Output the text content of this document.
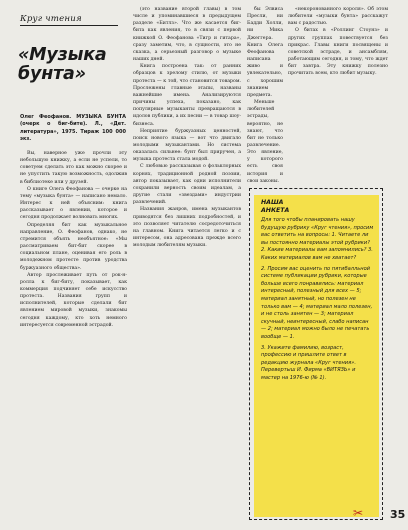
Круг чтения
«Музыка бунта»
Олег Феофанов. МУЗЫКА БУНТА (очерк о биг-бите). Л., «Дет. литература», 1975. Тираж 100 000 экз.

Вы, наверное уже прочли эту небольшую книжку, а если не успели, то советуем сделать это как можно скорее и не упустить такую возможность, одолжив в библиотеке или у друзей.

О книге Олега Феофанова — очерке на тему «музыка бунта» — написано немало. Интерес к ней объясним: книга рассказывает о явлении, которое и сегодня продолжает волновать многих.

Определяя бит как музыкальное направление, О. Феофанов, однако, не стремится объять необъятное: «Мы рассматриваем бит-бит скорее в социальном плане, оценивая его роль в молодежном протесте против уродства буржуазного общества».

Автор прослеживает путь от рок-н-ролла к биг-биту, показывает, как коммерция подчиняет себе искусство протеста. Названия групп и исполнителей, которые сделали бит явлением мировой музыки, знакомы сегодня каждому, кто хоть немного интересуется современной эстрадой.

(это название второй главы) в том числе и упоминавшиеся в предыдущем разделе «Битлз». Что же касается биг-бита как явления, то в связи с первой книжкой О. Феофанова «Тигр и гитара», сразу заметим, что, в сущности, это не сказка, а серьезный разговор о музыке наших дней.

Книга построена так: от ранних образцов к зрелому стилю, от музыки протеста — к той, что становится товаром. Прослежены главные этапы, названы важнейшие имена. Анализируются причины успеха, показано, как популярные музыканты превращаются в идолов публики, а их песни — в товар шоу-бизнеса.

Неприятие буржуазных ценностей, поиск нового языка — вот что двигало молодыми музыкантами. Но система оказалась сильнее: бунт был приручен, а музыка протеста стала модой.

С любовью рассказывая о фольклорных корнях, традиционной родной поэзии, автор показывает, как одни исполнители сохранили верность своим идеалам, а другие стали «звездами» индустрии развлечений.

Названия жанров, имена музыкантов приводятся без лишних подробностей, и это позволяет читателю сосредоточиться на главном. Книга читается легко и с интересом, она адресована прежде всего молодым любителям музыки.

бы Элвиса Пресли, ни Бадди Холли, ни Мика Джеггера. Книга Олега Феофанова написана живо и увлекательно, с хорошим знанием предмета.

Меньше любителей эстрады, вероятно, не знают, что бит не только развлечение. Это явление, у которого есть своя история и свои законы.

«некоронованного короля». Об этом любители «музыки бунта» расскажут вам с радостью.

О битах в «Роллинг Стоунз» и других группах повествуется без прикрас. Главы книги посвящены и советской эстраде, и ансамблям, работающим сегодня, и тому, что ждет бит завтра. Эту книжку полезно прочитать всем, кто любит музыку.

НАША
АНКЕТА

Для того чтобы планировать нашу будущую рубрику «Круг чтения», просим вас ответить на вопросы: 1. Читаете ли вы постоянно материалы этой рубрики? 2. Какие материалы вам запомнились? 3. Каких материалов вам не хватает?

2. Просим вас оценить по пятибалльной системе публикации рубрики, которые больше всего понравились: материал интересный, полезный для всех — 5; материал занятный, но полезен не только вам — 4; материал мало полезен, и не столь занятен — 3; материал скучный, неинтересный, слабо написан — 2; материал можно было не печатать вообще — 1.

3. Укажите фамилию, возраст, профессию и пришлите ответ в редакцию журнала «Круг чтения». Перевертыш И. Фирма «ВИТЯЗЬ» и мастер на 1976-ю (№ 1).

✂ 35
